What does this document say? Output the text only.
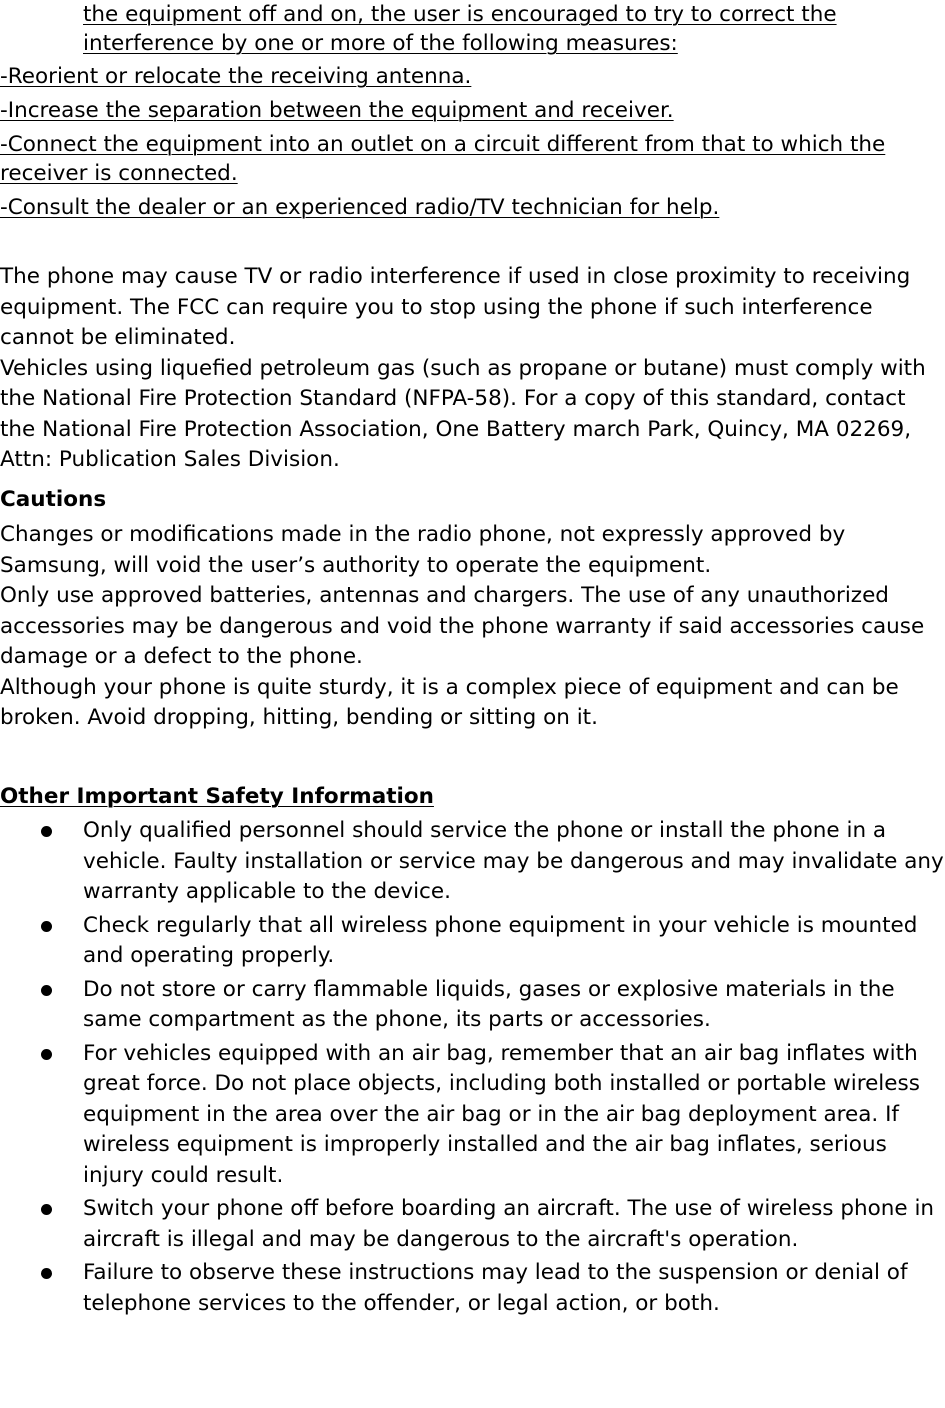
the equipment off and on, the user is encouraged to try to correct the interference by one or more of the following measures:

-Reorient or relocate the receiving antenna.

-Increase the separation between the equipment and receiver.

-Connect the equipment into an outlet on a circuit different from that to which the receiver is connected.

-Consult the dealer or an experienced radio/TV technician for help.

The phone may cause TV or radio interference if used in close proximity to receiving equipment. The FCC can require you to stop using the phone if such interference cannot be eliminated.

Vehicles using liquefied petroleum gas (such as propane or butane) must comply with the National Fire Protection Standard (NFPA-58). For a copy of this standard, contact the National Fire Protection Association, One Battery march Park, Quincy, MA 02269, Attn: Publication Sales Division.

Cautions

Changes or modifications made in the radio phone, not expressly approved by Samsung, will void the user’s authority to operate the equipment.

Only use approved batteries, antennas and chargers. The use of any unauthorized accessories may be dangerous and void the phone warranty if said accessories cause damage or a defect to the phone.

Although your phone is quite sturdy, it is a complex piece of equipment and can be broken. Avoid dropping, hitting, bending or sitting on it.

Other Important Safety Information
Only qualified personnel should service the phone or install the phone in a vehicle. Faulty installation or service may be dangerous and may invalidate any warranty applicable to the device.
Check regularly that all wireless phone equipment in your vehicle is mounted and operating properly.
Do not store or carry flammable liquids, gases or explosive materials in the same compartment as the phone, its parts or accessories.
For vehicles equipped with an air bag, remember that an air bag inflates with great force. Do not place objects, including both installed or portable wireless equipment in the area over the air bag or in the air bag deployment area. If wireless equipment is improperly installed and the air bag inflates, serious injury could result.
Switch your phone off before boarding an aircraft. The use of wireless phone in aircraft is illegal and may be dangerous to the aircraft's operation.
Failure to observe these instructions may lead to the suspension or denial of telephone services to the offender, or legal action, or both.
